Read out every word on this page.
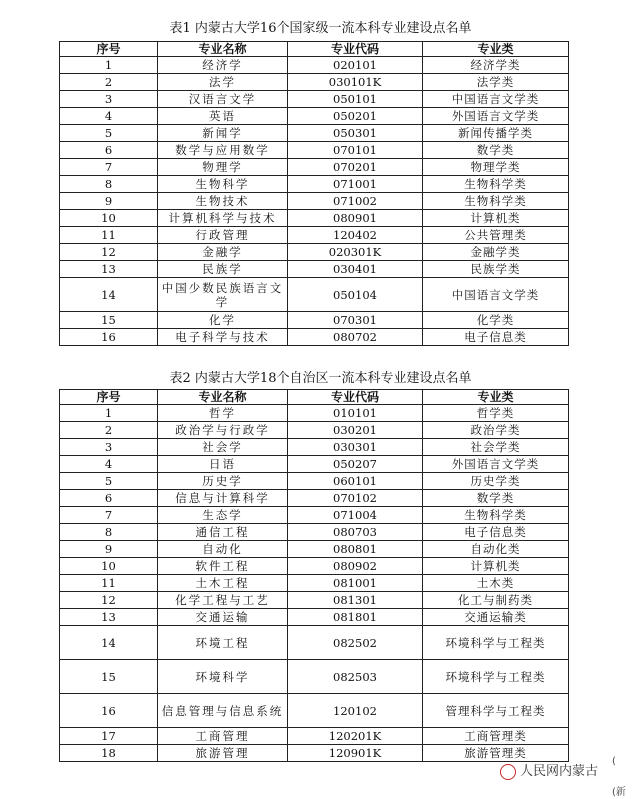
表1 内蒙古大学16个国家级一流本科专业建设点名单
序号	专业名称	专业代码	专业类
1	经济学	020101	经济学类
2	法学	030101K	法学类
3	汉语言文学	050101	中国语言文学类
4	英语	050201	外国语言文学类
5	新闻学	050301	新闻传播学类
6	数学与应用数学	070101	数学类
7	物理学	070201	物理学类
8	生物科学	071001	生物科学类
9	生物技术	071002	生物科学类
10	计算机科学与技术	080901	计算机类
11	行政管理	120402	公共管理类
12	金融学	020301K	金融学类
13	民族学	030401	民族学类
14	中国少数民族语言文学	050104	中国语言文学类
15	化学	070301	化学类
16	电子科学与技术	080702	电子信息类
表2 内蒙古大学18个自治区一流本科专业建设点名单
序号	专业名称	专业代码	专业类
1	哲学	010101	哲学类
2	政治学与行政学	030201	政治学类
3	社会学	030301	社会学类
4	日语	050207	外国语言文学类
5	历史学	060101	历史学类
6	信息与计算科学	070102	数学类
7	生态学	071004	生物科学类
8	通信工程	080703	电子信息类
9	自动化	080801	自动化类
10	软件工程	080902	计算机类
11	土木工程	081001	土木类
12	化学工程与工艺	081301	化工与制药类
13	交通运输	081801	交通运输类
14	环境工程	082502	环境科学与工程类
15	环境科学	082503	环境科学与工程类
16	信息管理与信息系统	120102	管理科学与工程类
17	工商管理	120201K	工商管理类
18	旅游管理	120901K	旅游管理类
人民网内蒙古
(
(新
